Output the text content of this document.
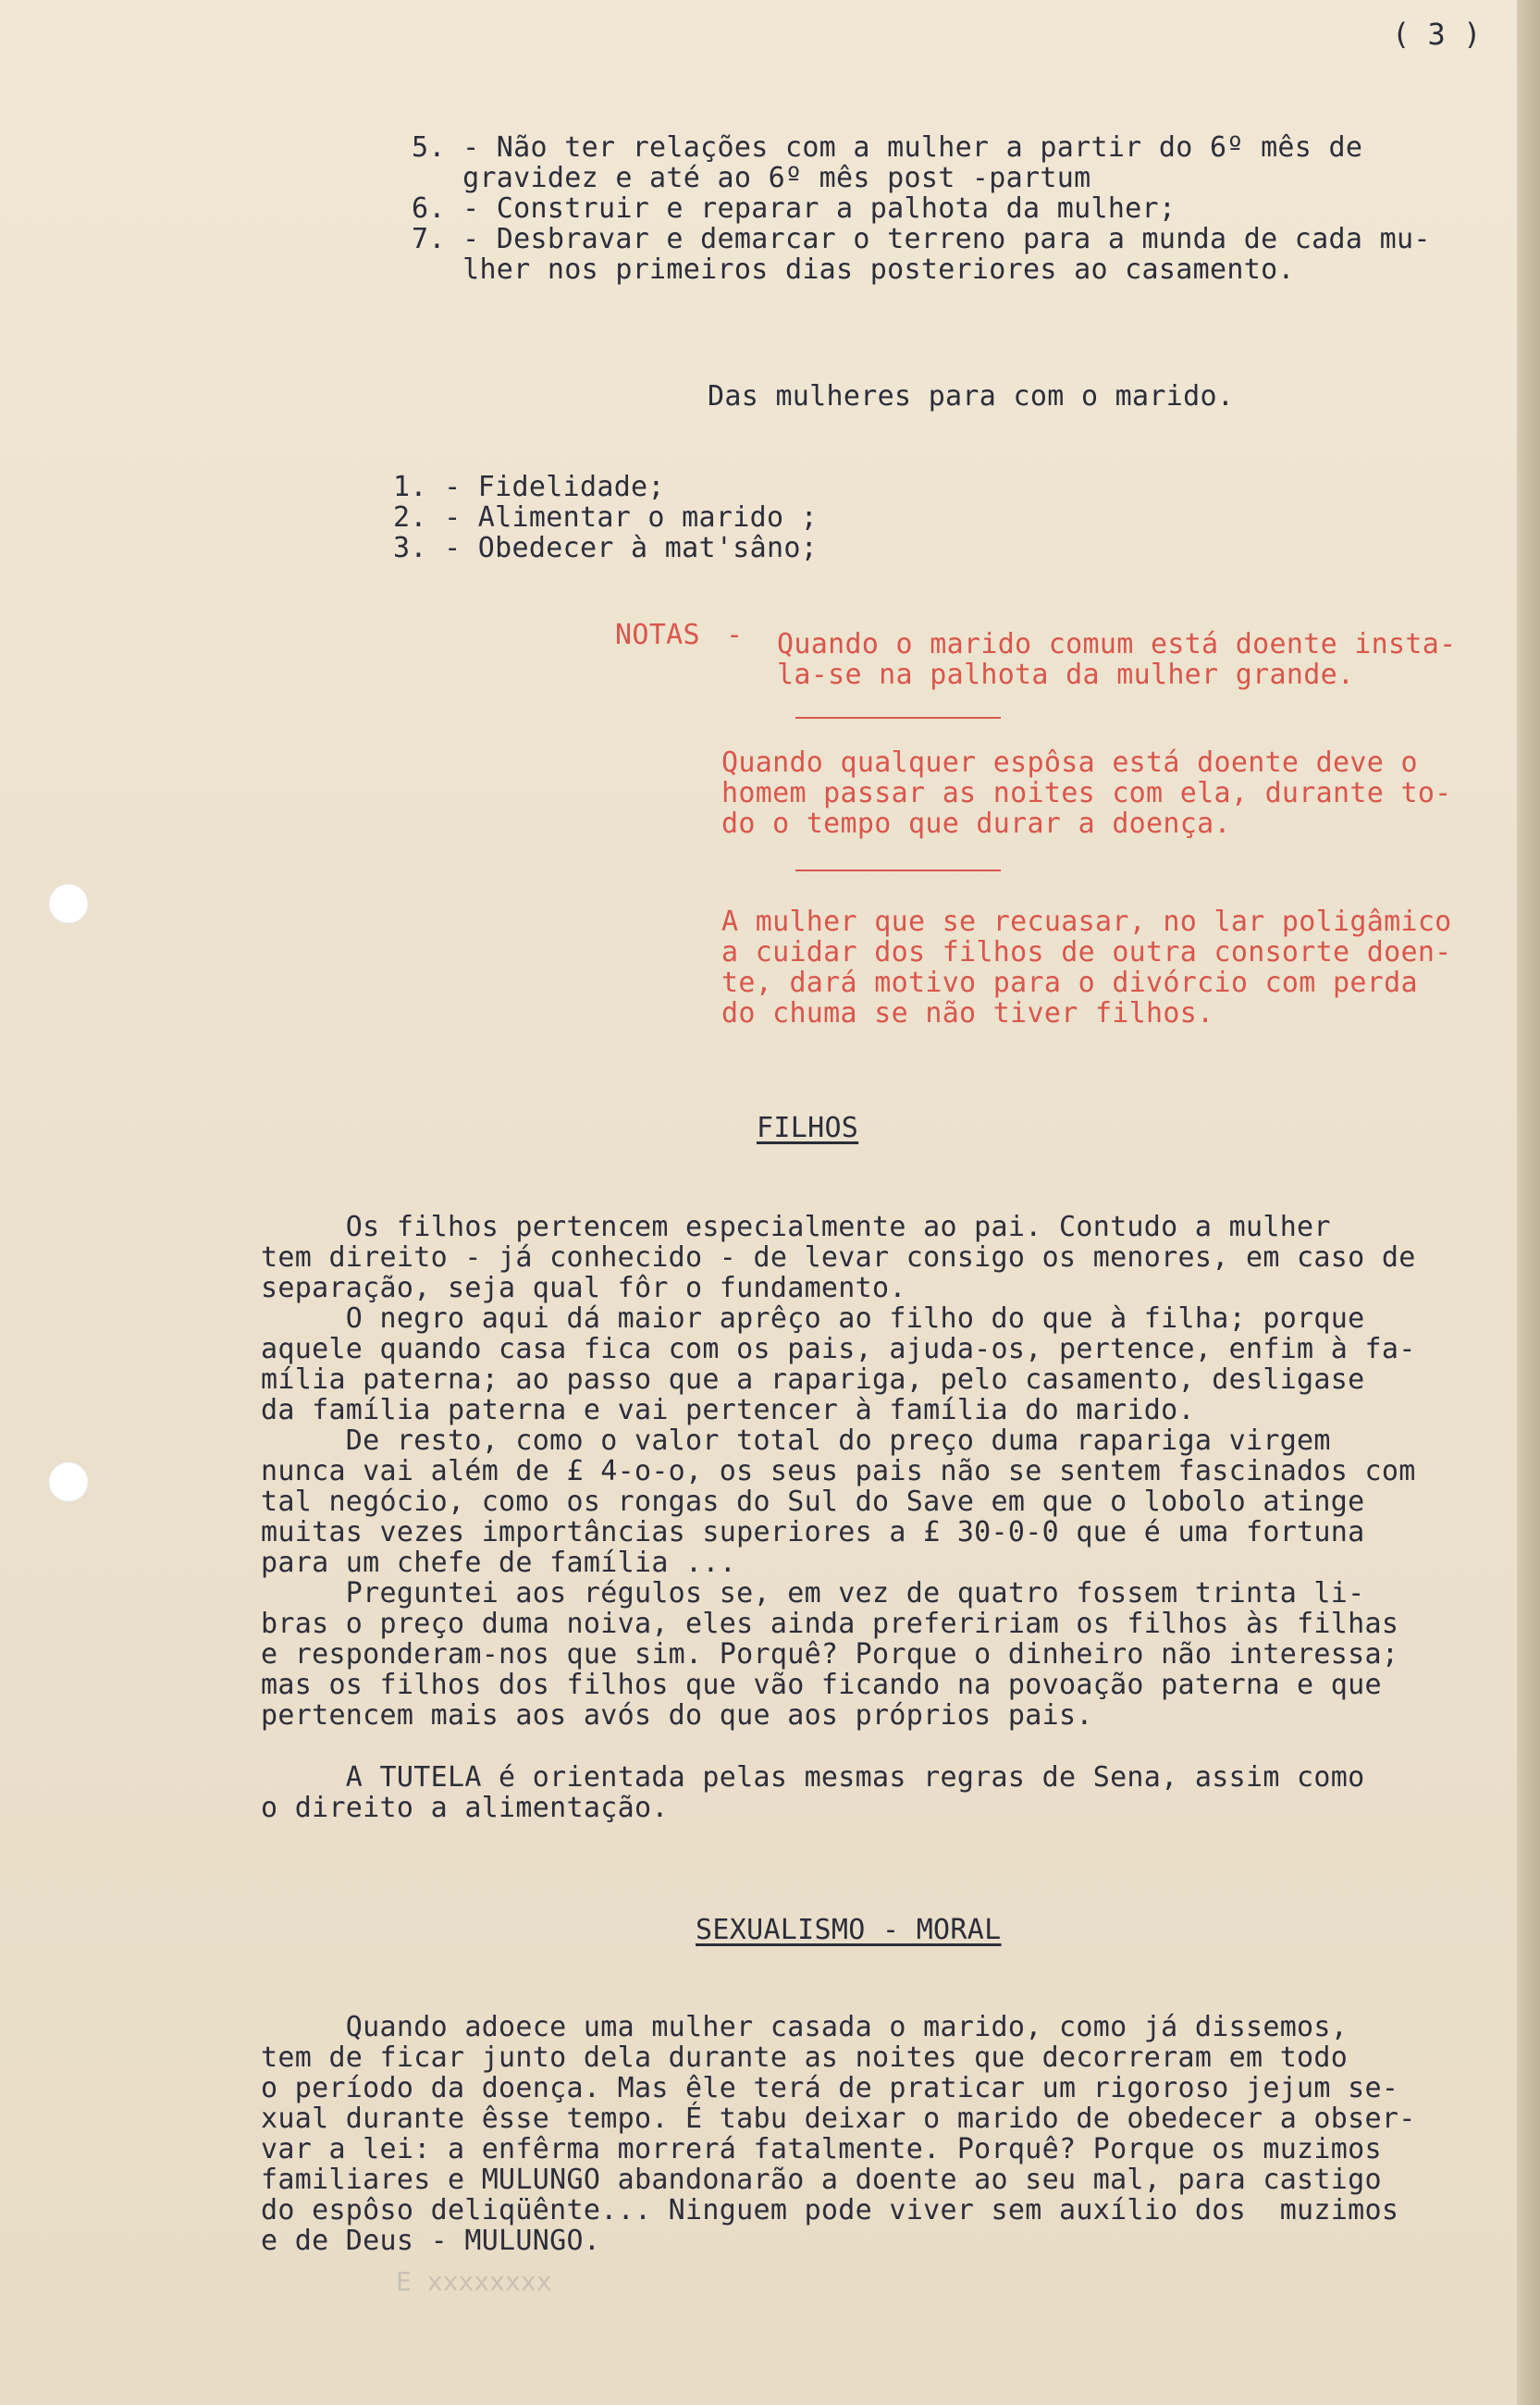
( 3 )
5. - Não ter relações com a mulher a partir do 6º mês de
gravidez e até ao 6º mês post -partum
6. - Construir e reparar a palhota da mulher;
7. - Desbravar e demarcar o terreno para a munda de cada mu-
lher nos primeiros dias posteriores ao casamento.
Das mulheres para com o marido.
1. - Fidelidade;
2. - Alimentar o marido ;
3. - Obedecer à mat'sâno;
NOTAS - Quando o marido comum está doente insta-
la-se na palhota da mulher grande.
Quando qualquer espôsa está doente deve o
homem passar as noites com ela, durante to-
do o tempo que durar a doença.
A mulher que se recuasar, no lar poligâmico
a cuidar dos filhos de outra consorte doen-
te, dará motivo para o divórcio com perda
do chuma se não tiver filhos.
FILHOS
Os filhos pertencem especialmente ao pai. Contudo a mulher
tem direito - já conhecido - de levar consigo os menores, em caso de
separação, seja qual fôr o fundamento.
O negro aqui dá maior aprêço ao filho do que à filha; porque
aquele quando casa fica com os pais, ajuda-os, pertence, enfim à fa-
mília paterna; ao passo que a rapariga, pelo casamento, desligase
da família paterna e vai pertencer à família do marido.
De resto, como o valor total do preço duma rapariga virgem
nunca vai além de £ 4-o-o, os seus pais não se sentem fascinados com
tal negócio, como os rongas do Sul do Save em que o lobolo atinge
muitas vezes importâncias superiores a £ 30-0-0 que é uma fortuna
para um chefe de família ...
Preguntei aos régulos se, em vez de quatro fossem trinta li-
bras o preço duma noiva, eles ainda prefeririam os filhos às filhas
e responderam-nos que sim. Porquê? Porque o dinheiro não interessa;
mas os filhos dos filhos que vão ficando na povoação paterna e que
pertencem mais aos avós do que aos próprios pais.
A TUTELA é orientada pelas mesmas regras de Sena, assim como
o direito a alimentação.
SEXUALISMO - MORAL
Quando adoece uma mulher casada o marido, como já dissemos,
tem de ficar junto dela durante as noites que decorreram em todo
o período da doença. Mas êle terá de praticar um rigoroso jejum se-
xual durante êsse tempo. É tabu deixar o marido de obedecer a obser-
var a lei: a enfêrma morrerá fatalmente. Porquê? Porque os muzimos
familiares e MULUNGO abandonarão a doente ao seu mal, para castigo
do espôso deliqüênte... Ninguem pode viver sem auxílio dos  muzimos
e de Deus - MULUNGO.
E xxxxxxxx
